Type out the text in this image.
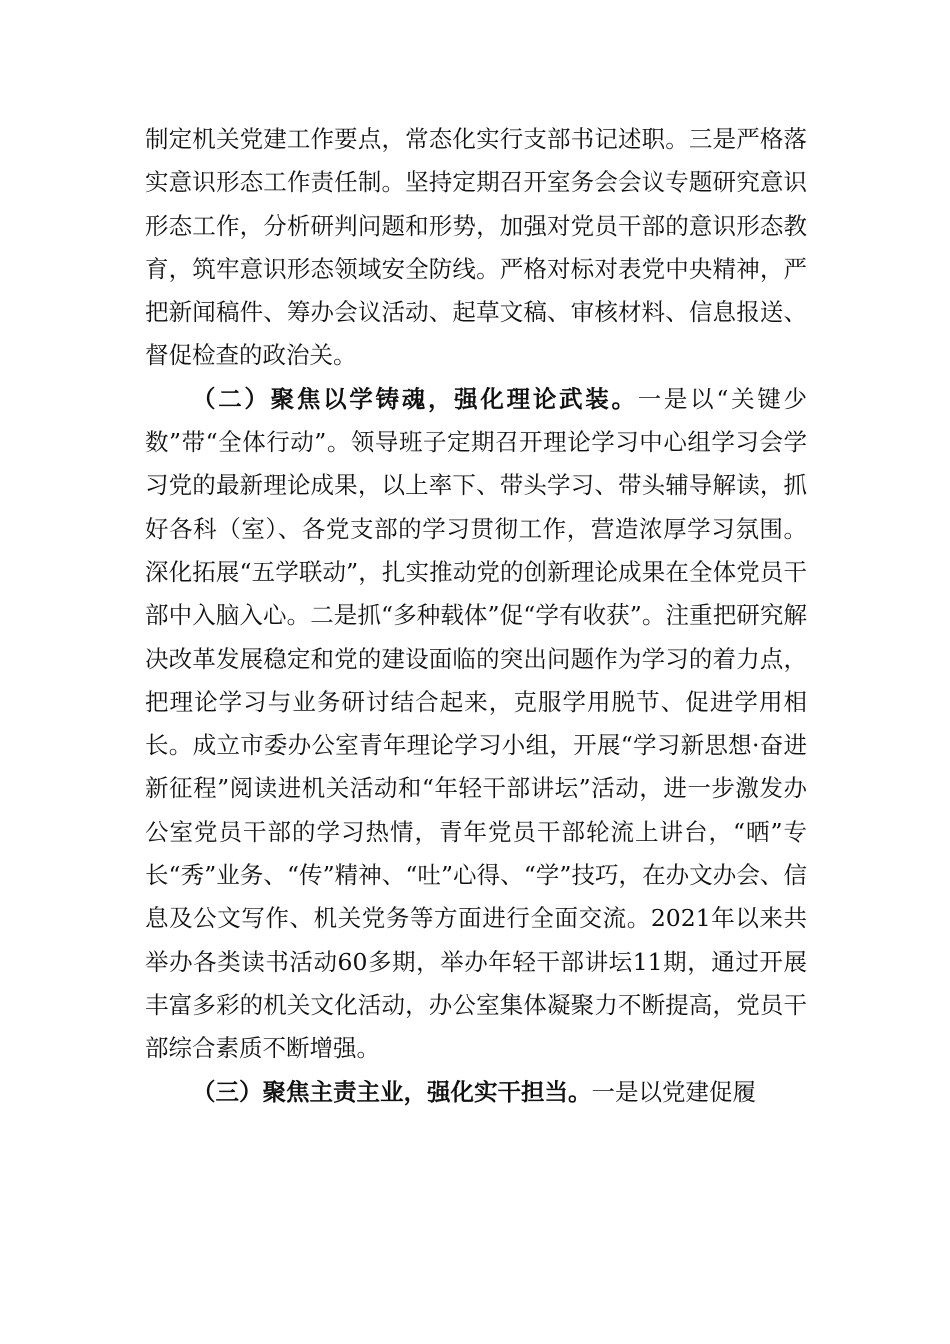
制定机关党建工作要点，常态化实行支部书记述职。三是严格落实意识形态工作责任制。坚持定期召开室务会会议专题研究意识形态工作，分析研判问题和形势，加强对党员干部的意识形态教育，筑牢意识形态领域安全防线。严格对标对表党中央精神，严把新闻稿件、筹办会议活动、起草文稿、审核材料、信息报送、督促检查的政治关。

（二）聚焦以学铸魂，强化理论武装。一是以“关键少数”带“全体行动”。领导班子定期召开理论学习中心组学习会学习党的最新理论成果，以上率下、带头学习、带头辅导解读，抓好各科（室）、各党支部的学习贯彻工作，营造浓厚学习氛围。深化拓展“五学联动”，扎实推动党的创新理论成果在全体党员干部中入脑入心。二是抓“多种载体”促“学有收获”。注重把研究解决改革发展稳定和党的建设面临的突出问题作为学习的着力点，把理论学习与业务研讨结合起来，克服学用脱节、促进学用相长。成立市委办公室青年理论学习小组，开展“学习新思想·奋进新征程”阅读进机关活动和“年轻干部讲坛”活动，进一步激发办公室党员干部的学习热情，青年党员干部轮流上讲台，“晒”专长“秀”业务、“传”精神、“吐”心得、“学”技巧，在办文办会、信息及公文写作、机关党务等方面进行全面交流。2021年以来共举办各类读书活动60多期，举办年轻干部讲坛11期，通过开展丰富多彩的机关文化活动，办公室集体凝聚力不断提高，党员干部综合素质不断增强。

（三）聚焦主责主业，强化实干担当。一是以党建促履
